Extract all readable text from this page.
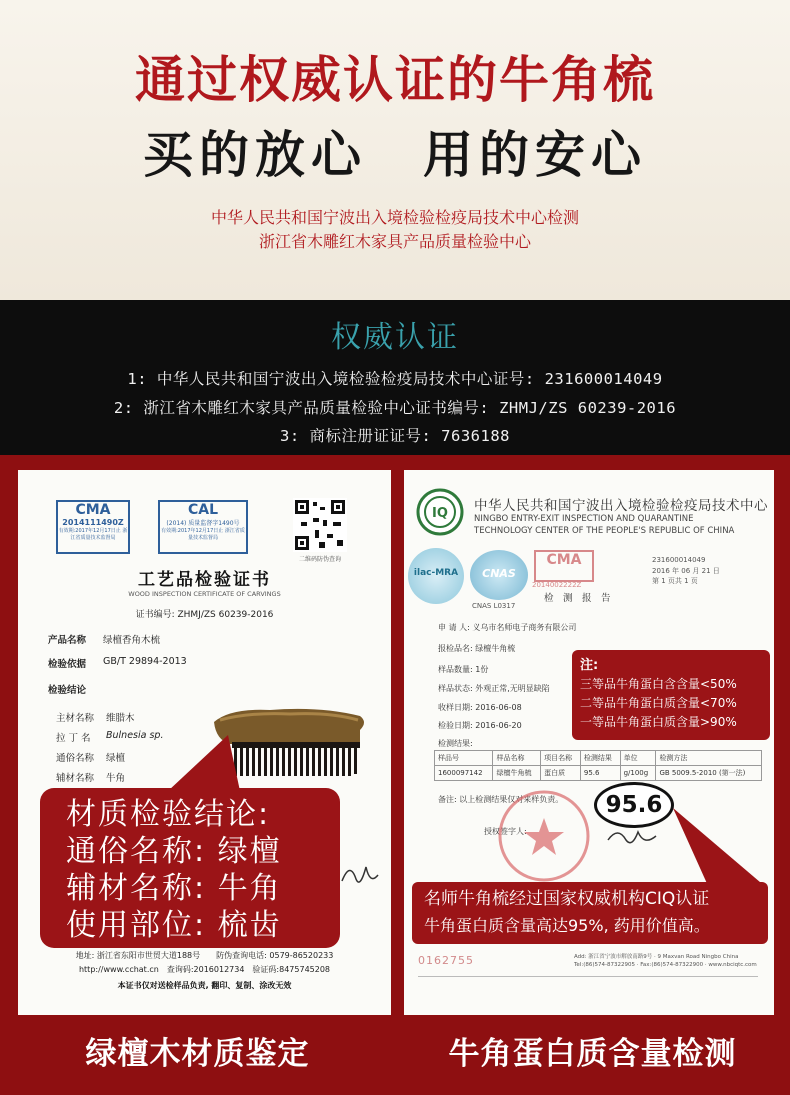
通过权威认证的牛角梳
买的放心　用的安心
中华人民共和国宁波出入境检验检疫局技术中心检测
浙江省木雕红木家具产品质量检验中心
权威认证
1: 中华人民共和国宁波出入境检验检疫局技术中心证号: 231600014049
2: 浙江省木雕红木家具产品质量检验中心证书编号: ZHMJ/ZS 60239-2016
3: 商标注册证证号: 7636188
CMA
2014111490Z
有效期:2017年12月17日止 浙江省质量技术监督局
CAL
(2014) 质量监督字1490号
有效期:2017年12月17日止 浙江省质量技术监督局
二维码防伪查询
工艺品检验证书
WOOD INSPECTION CERTIFICATE OF CARVINGS
证书编号: ZHMJ/ZS 60239-2016
产品名称 绿檀香角木梳
检验依据 GB/T 29894-2013
检验结论
主材名称 维腊木
拉 丁 名 Bulnesia sp.
通俗名称 绿檀
辅材名称 牛角
材质检验结论:
通俗名称: 绿檀
辅材名称: 牛角
使用部位: 梳齿
地址: 浙江省东阳市世贸大道188号　　防伪查询电话: 0579-86520233
http://www.cchat.cn　查询码:2016012734　验证码:8475745208
本证书仅对送检样品负责, 翻印、复制、涂改无效
IQ 中华人民共和国宁波出入境检验检疫局技术中心
NINGBO ENTRY-EXIT INSPECTION AND QUARANTINE
TECHNOLOGY CENTER OF THE PEOPLE'S REPUBLIC OF CHINA
ilac-MRA	CNAS
CNAS L0317
CMA
2014002222Z
231600014049
2016 年 06 月 21 日
第 1 页共 1 页
检　测　报　告
申 请 人: 义乌市名师电子商务有限公司
报检品名: 绿檀牛角梳
样品数量: 1份
样品状态: 外观正常,无明显缺陷
收样日期: 2016-06-08
检验日期: 2016-06-20
检测结果:
注:
三等品牛角蛋白含含量<50%
二等品牛角蛋白质含量<70%
一等品牛角蛋白质含量>90%
样品号	样品名称	项目名称	检测结果	单位	检测方法
1600097142	绿檀牛角梳	蛋白质	95.6	g/100g	GB 5009.5-2010 (第一法)
备注: 以上检测结果仅对来样负责。
授权签字人:
95.6
名师牛角梳经过国家权威机构CIQ认证
牛角蛋白质含量高达95%, 药用价值高。
0162755	Add: 浙江省宁波市解放南路9号 · 9 Maxvan Road Ningbo China
Tel:(86)574-87322905 · Fax:(86)574-87322900 · www.nbciqtc.com
绿檀木材质鉴定	牛角蛋白质含量检测
